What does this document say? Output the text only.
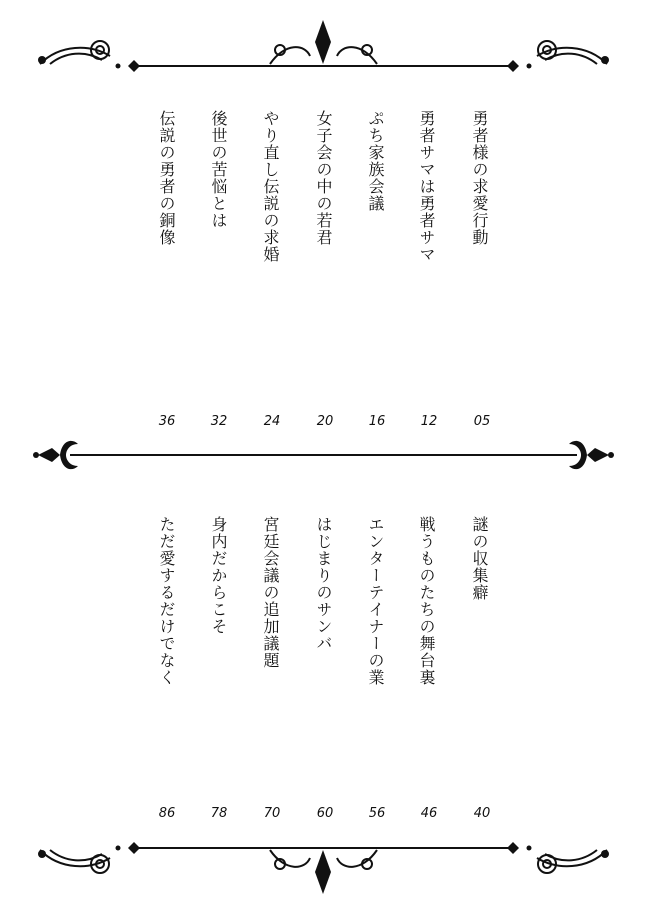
勇者様の求愛行動
05
勇者サマは勇者サマ
12
ぷち家族会議
16
女子会の中の若君
20
やり直し伝説の求婚
24
後世の苦悩とは
32
伝説の勇者の銅像
36
謎の収集癖
40
戦うものたちの舞台裏
46
エンターテイナーの業
56
はじまりのサンバ
60
宮廷会議の追加議題
70
身内だからこそ
78
ただ愛するだけでなく
86
